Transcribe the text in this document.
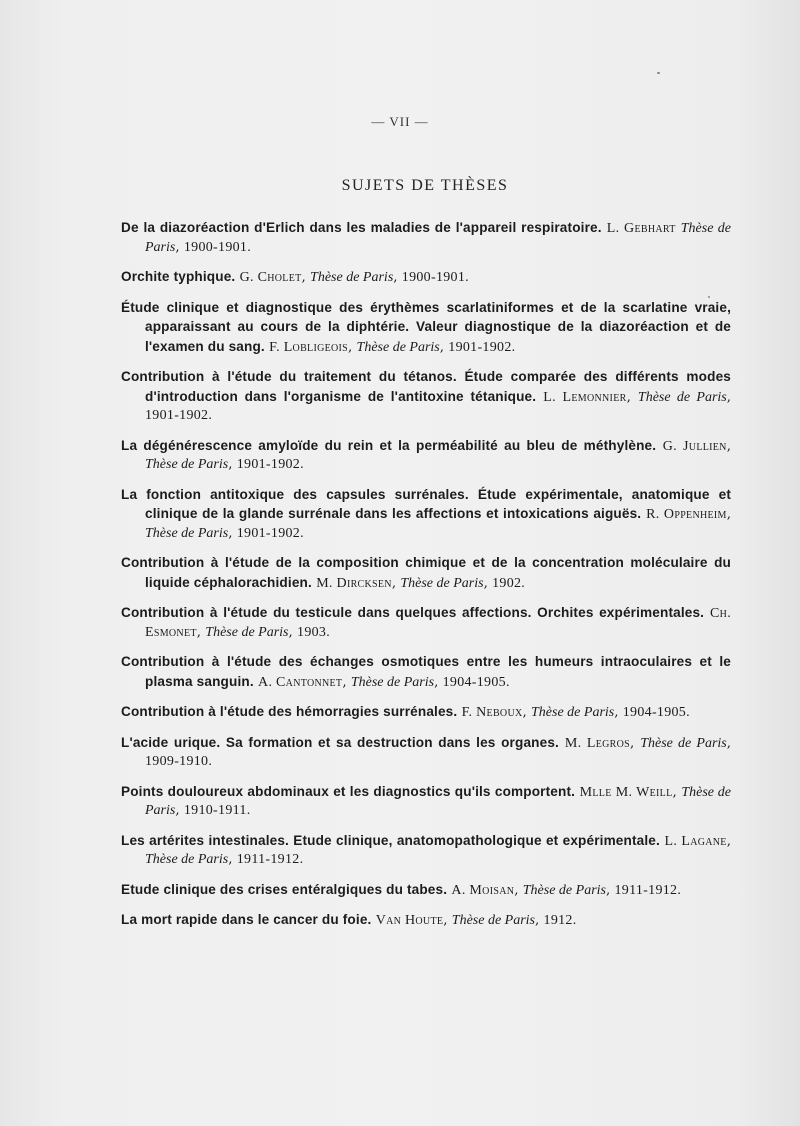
— VII —
SUJETS DE THÈSES

De la diazoréaction d'Erlich dans les maladies de l'appareil respiratoire. L. Gebhart Thèse de Paris, 1900-1901.

Orchite typhique. G. Cholet, Thèse de Paris, 1900-1901.

Étude clinique et diagnostique des érythèmes scarlatiniformes et de la scarlatine vraie, apparaissant au cours de la diphtérie. Valeur diagnostique de la diazoréaction et de l'examen du sang. F. Lobligeois, Thèse de Paris, 1901-1902.

Contribution à l'étude du traitement du tétanos. Étude comparée des différents modes d'introduction dans l'organisme de l'antitoxine tétanique. L. Lemonnier, Thèse de Paris, 1901-1902.

La dégénérescence amyloïde du rein et la perméabilité au bleu de méthylène. G. Jullien, Thèse de Paris, 1901-1902.

La fonction antitoxique des capsules surrénales. Étude expérimentale, anatomique et clinique de la glande surrénale dans les affections et intoxications aiguës. R. Oppenheim, Thèse de Paris, 1901-1902.

Contribution à l'étude de la composition chimique et de la concentration moléculaire du liquide céphalorachidien. M. Dircksen, Thèse de Paris, 1902.

Contribution à l'étude du testicule dans quelques affections. Orchites expérimentales. Ch. Esmonet, Thèse de Paris, 1903.

Contribution à l'étude des échanges osmotiques entre les humeurs intraoculaires et le plasma sanguin. A. Cantonnet, Thèse de Paris, 1904-1905.

Contribution à l'étude des hémorragies surrénales. F. Neboux, Thèse de Paris, 1904-1905.

L'acide urique. Sa formation et sa destruction dans les organes. M. Legros, Thèse de Paris, 1909-1910.

Points douloureux abdominaux et les diagnostics qu'ils comportent. Mlle M. Weill, Thèse de Paris, 1910-1911.

Les artérites intestinales. Etude clinique, anatomopathologique et expérimentale. L. Lagane, Thèse de Paris, 1911-1912.

Etude clinique des crises entéralgiques du tabes. A. Moisan, Thèse de Paris, 1911-1912.

La mort rapide dans le cancer du foie. Van Houte, Thèse de Paris, 1912.
